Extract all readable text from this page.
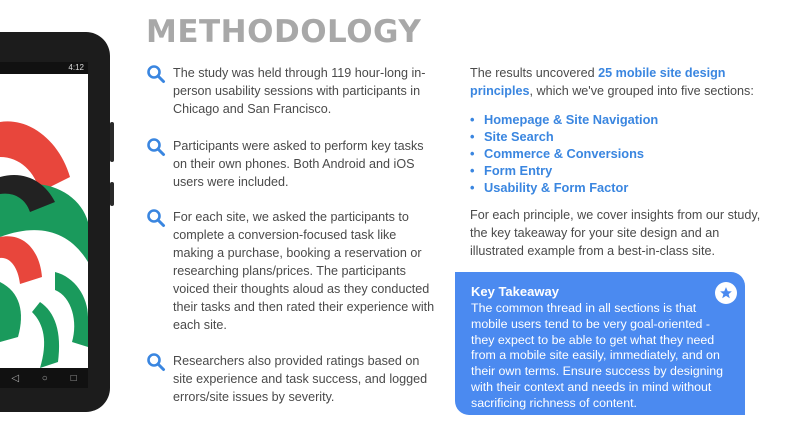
4:12
◁ ○ □
METHODOLOGY

The study was held through 119 hour-long in-person usability sessions with participants in Chicago and San Francisco.

Participants were asked to perform key tasks on their own phones. Both Android and iOS users were included.

For each site, we asked the participants to complete a conversion-focused task like making a purchase, booking a reservation or researching plans/prices. The participants voiced their thoughts aloud as they conducted their tasks and then rated their experience with each site.

Researchers also provided ratings based on site experience and task success, and logged errors/site issues by severity.

The results uncovered 25 mobile site design principles, which we've grouped into five sections:

• Homepage & Site Navigation
• Site Search
• Commerce & Conversions
• Form Entry
• Usability & Form Factor

For each principle, we cover insights from our study, the key takeaway for your site design and an illustrated example from a best-in-class site.

Key Takeaway

The common thread in all sections is that mobile users tend to be very goal-oriented - they expect to be able to get what they need from a mobile site easily, immediately, and on their own terms. Ensure success by designing with their context and needs in mind without sacrificing richness of content.
